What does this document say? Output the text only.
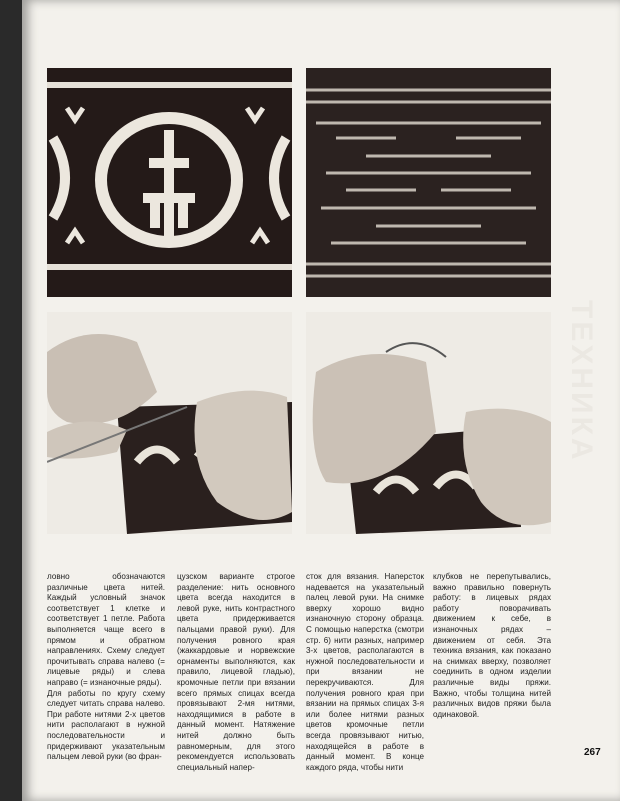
ТЕХНИКА
ловно обозначаются различные цвета нитей. Каждый условный значок соответствует 1 клетке и соответствует 1 петле. Работа выполняется чаще всего в прямом и обратном направлениях. Схему следует прочитывать справа налево (= лицевые ряды) и слева направо (= изнаночные ряды).
Для работы по кругу схему следует читать справа налево. При работе нитями 2-х цветов нити располагают в нужной последовательности и придерживают указательным пальцем левой руки (во фран-
цузском варианте строгое разделение: нить основного цвета всегда находится в левой руке, нить контрастного цвета придерживается пальцами правой руки). Для получения ровного края (жаккардовые и норвежские орнаменты выполняются, как правило, лицевой гладью), кромочные петли при вязании всего прямых спицах всегда провязывают 2-мя нитями, находящимися в работе в данный момент. Натяжение нитей должно быть равномерным, для этого рекомендуется использовать специальный напер-
сток для вязания. Наперсток надевается на указательный палец левой руки. На снимке вверху хорошо видно изнаночную сторону образца. С помощью наперстка (смотри стр. 6) нити разных, например 3-х цветов, располагаются в нужной последовательности и при вязании не перекручиваются. Для получения ровного края при вязании на прямых спицах 3-я или более нитями разных цветов кромочные петли всегда провязывают нитью, находящейся в работе в данный момент. В конце каждого ряда, чтобы нити
клубков не перепутывались, важно правильно повернуть работу: в лицевых рядах работу поворачивать движением к себе, в изнаночных рядах – движением от себя. Эта техника вязания, как показано на снимках вверху, позволяет соединить в одном изделии различные виды пряжи. Важно, чтобы толщина нитей различных видов пряжи была одинаковой.
267
